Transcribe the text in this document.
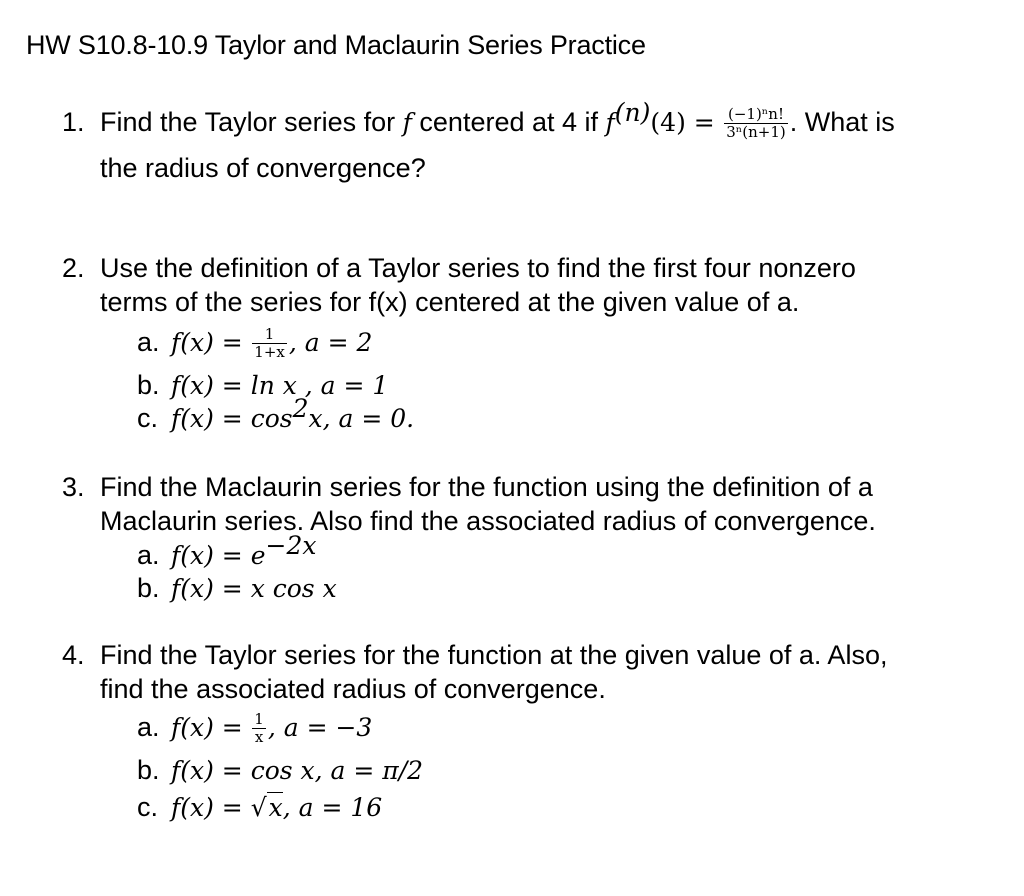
HW S10.8-10.9 Taylor and Maclaurin Series Practice
1. Find the Taylor series for f centered at 4 if $f^{(n)}(4) = \frac{\text{(−1)ⁿn!}}{\text{3ⁿ(n+1)}}$ . What is
the radius of convergence?
2. Use the definition of a Taylor series to find the first four nonzero
terms of the series for f(x) centered at the given value of a.
a. $f(x) = \frac{1}{1+x}$ , a = 2
b. f(x) = ln x , a = 1
c. $f(x) = \cos^2x$, a = 0.
3. Find the Maclaurin series for the function using the definition of a
Maclaurin series. Also find the associated radius of convergence.
a. $f(x) = e^{-2x}$
b. f(x) = x cos x
4. Find the Taylor series for the function at the given value of a. Also,
find the associated radius of convergence.
a. $f(x) = \frac{1}{x}$ , a = −3
b. f(x) = cos x, a = π/2
c. f(x) = √x, a = 16
